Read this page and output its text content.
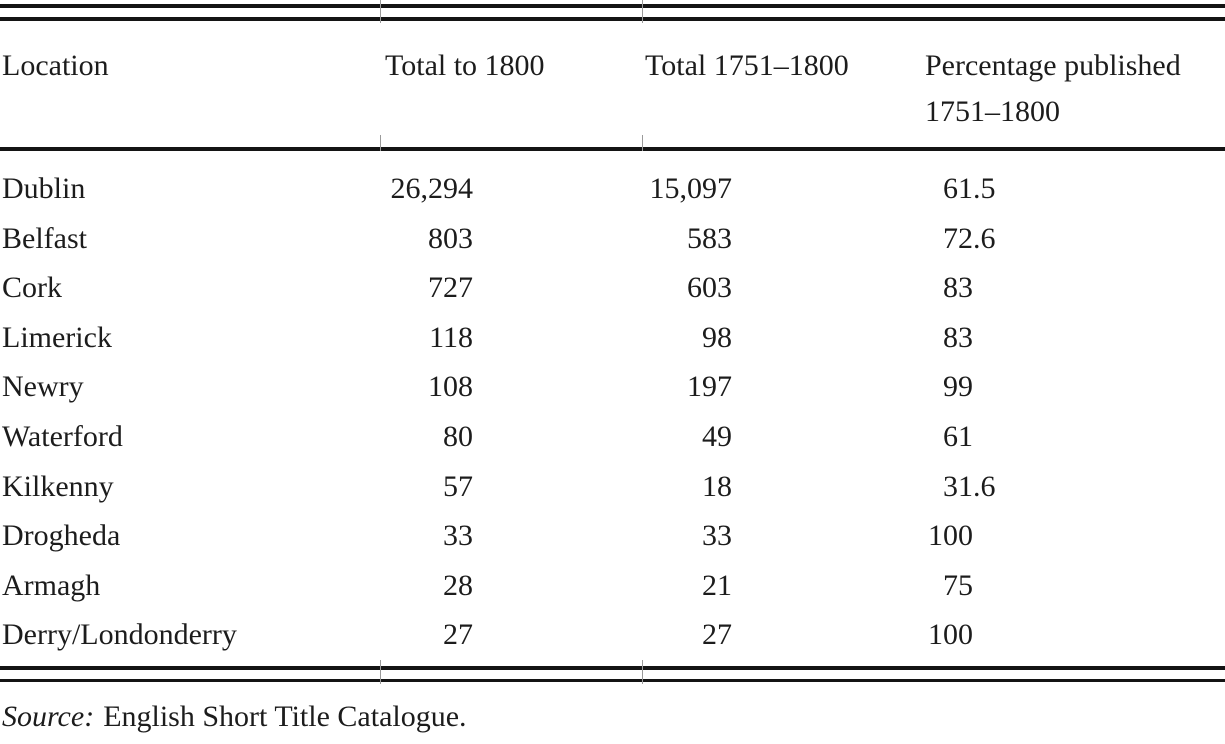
Location	Total to 1800	Total 1751–1800	Percentage published
1751–1800
Dublin	26,294	15,097	61 .5
Belfast	803	583	72 .6
Cork	727	603	83
Limerick	118	98	83
Newry	108	197	99
Waterford	80	49	61
Kilkenny	57	18	31 .6
Drogheda	33	33	100
Armagh	28	21	75
Derry/Londonderry	27	27	100
Source: English Short Title Catalogue.
